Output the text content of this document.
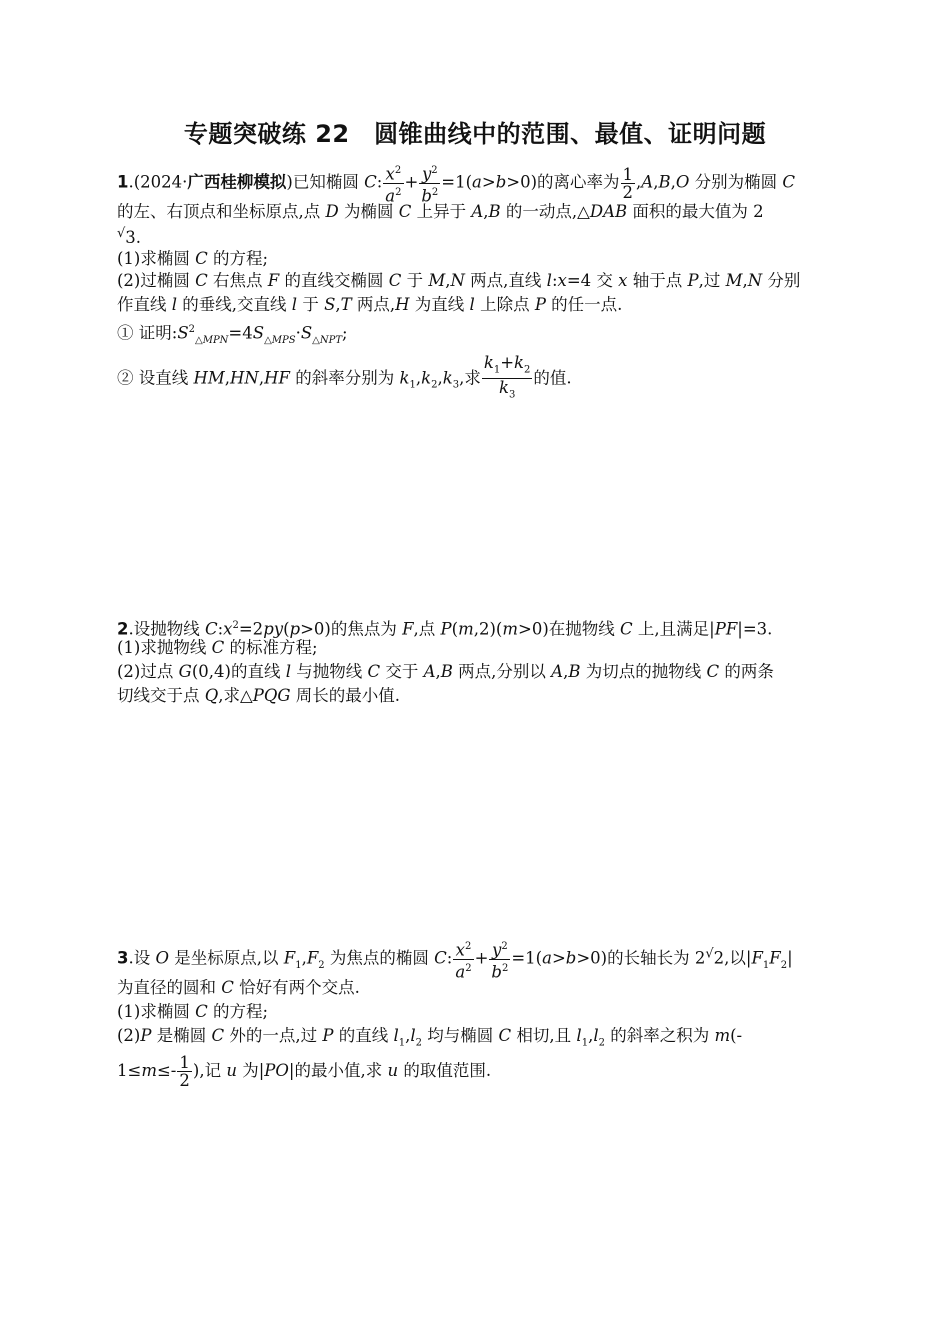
专题突破练 22　圆锥曲线中的范围、最值、证明问题
1.(2024·广西桂柳模拟)已知椭圆 C: $\frac{x^2}{a^2} + \frac{y^2}{b^2} =1(a>b>0)$的离心率为 $\frac{1}{2} ,A,B,O$ 分别为椭圆 C
的左、右顶点和坐标原点,点 D 为椭圆 C 上异于 A,B 的一动点,△DAB 面积的最大值为 2
√3.
(1)求椭圆 C 的方程;
(2)过椭圆 C 右焦点 F 的直线交椭圆 C 于 M,N 两点,直线 l:x=4 交 x 轴于点 P,过 M,N 分别
作直线 l 的垂线,交直线 l 于 S,T 两点,H 为直线 l 上除点 P 的任一点.
① 证明$:S^2_{\triangle MPN}=4S_{\triangle MPS}\cdot S_{\triangle NPT}$;
② 设直线 HM,HN,HF 的斜率分别为 $k_1,k_2,k_3$,求 $\frac{k_1+k_2}{k_3}$ 的值.
2.设抛物线 $C:x^2=2py(p>0)$的焦点为 F,点 P(m,2)(m>0)在抛物线 C 上,且满足|PF|=3.
(1)求抛物线 C 的标准方程;
(2)过点 G(0,4)的直线 l 与抛物线 C 交于 A,B 两点,分别以 A,B 为切点的抛物线 C 的两条
切线交于点 Q,求△PQG 周长的最小值.
3.设 O 是坐标原点,以 $F_1,F_2$ 为焦点的椭圆 C: $\frac{x^2}{a^2} + \frac{y^2}{b^2} =1(a>b>0)$的长轴长为 2√2,以$|F_1F_2|$
为直径的圆和 C 恰好有两个交点.
(1)求椭圆 C 的方程;
(2)P 是椭圆 C 外的一点,过 P 的直线 $l_1,l_2$ 均与椭圆 C 相切,且 $l_1,l_2$ 的斜率之积为 m(-
$1\le m\le- \frac{1}{2}$ ),记 u 为|PO|的最小值,求 u 的取值范围.
